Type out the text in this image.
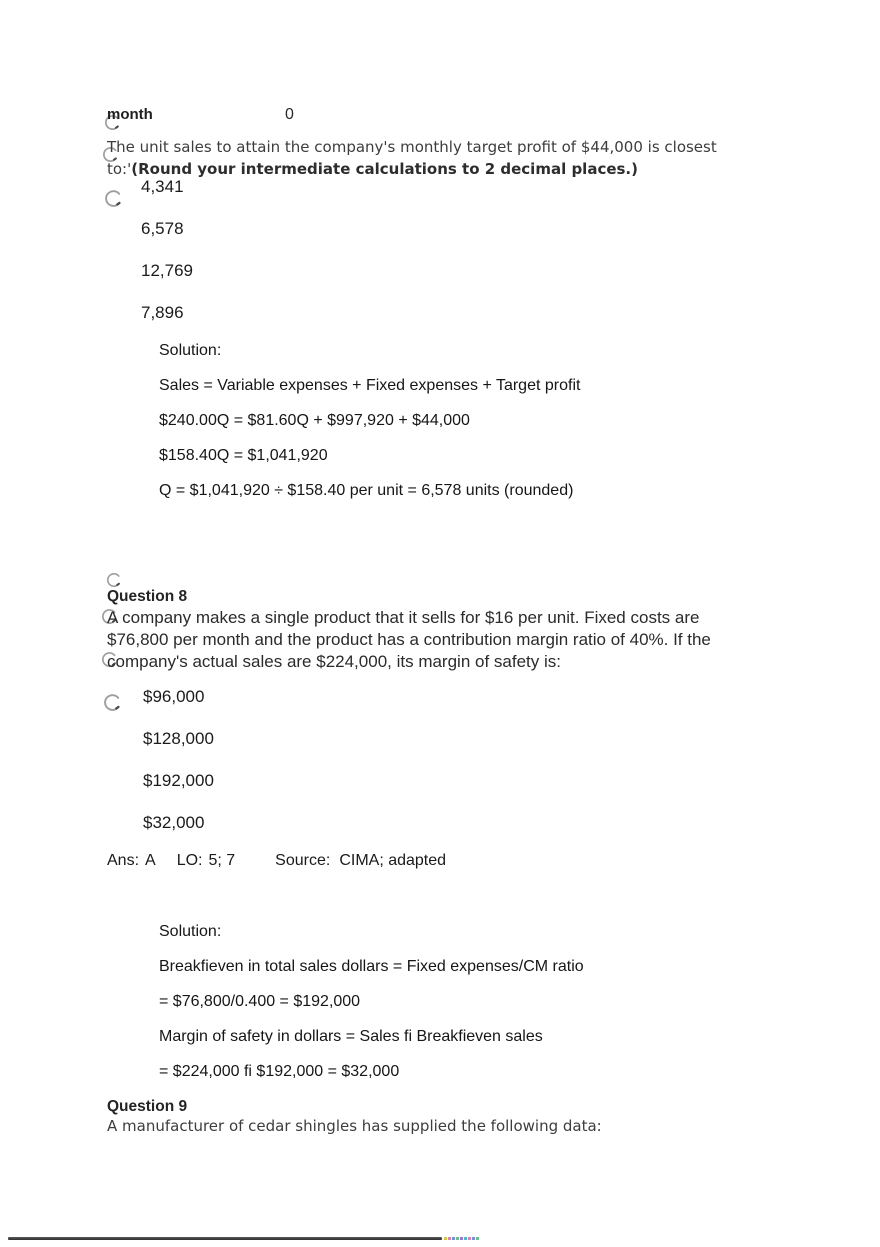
month	0
The unit sales to attain the company's monthly target profit of $44,000 is closest
to:'(Round your intermediate calculations to 2 decimal places.)
4,341
6,578
12,769
7,896
Solution:
Sales = Variable expenses + Fixed expenses + Target profit
$240.00Q = $81.60Q + $997,920 + $44,000
$158.40Q = $1,041,920
Q = $1,041,920 ÷ $158.40 per unit = 6,578 units (rounded)
Question 8
A company makes a single product that it sells for $16 per unit. Fixed costs are
$76,800 per month and the product has a contribution margin ratio of 40%. If the
company's actual sales are $224,000, its margin of safety is:
$96,000
$128,000
$192,000
$32,000
Ans: A LO: 5; 7	Source: CIMA; adapted
Solution:
Breakfieven in total sales dollars = Fixed expenses/CM ratio
= $76,800/0.400 = $192,000
Margin of safety in dollars = Sales fi Breakfieven sales
= $224,000 fi $192,000 = $32,000
Question 9
A manufacturer of cedar shingles has supplied the following data:
